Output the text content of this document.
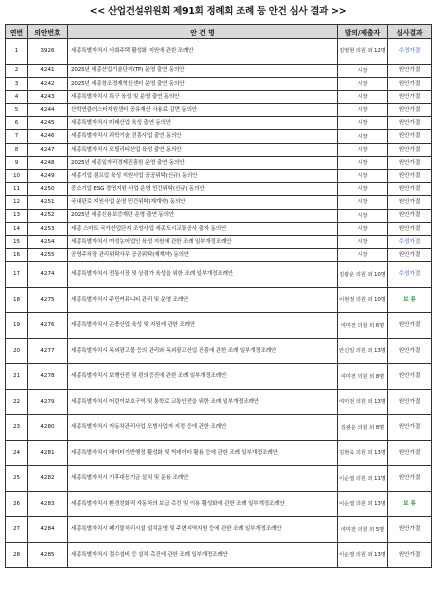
<< 산업건설위원회 제91회 정례회 조례 등 안건 심사 결과 >>
연번	의안번호	안 건 명	발의/제출자	심사결과
1	3926	세종특별자치시 사회주택 활성화 지원에 관한 조례안	김영현 의원 외 12명	수정가결
2	4241	2025년 세종산업기술단지(TP) 운영 출연 동의안	시장	원안가결
3	4242	2025년 세종창조경제혁신센터 운영 출연 동의안	시장	원안가결
4	4243	세종특별자치시 특구 육성 및 운영 출연 동의안	시장	원안가결
5	4244	산학연클러스터지원센터 공유재산 사용료 감면 동의안	시장	원안가결
6	4245	세종특별자치시 미래산업 육성 출연 동의안	시장	원안가결
7	4246	세종특별자치시 과학기술 진흥사업 출연 동의안	시장	원안가결
8	4247	세종특별자치시 모빌리티산업 육성 출연 동의안	시장	원안가결
9	4248	2025년 세종일자리경제진흥원 운영 출연 동의안	시장	원안가결
10	4249	세종기업 점프업 육성 지원사업 공공위탁(신규) 동의안	시장	원안가결
11	4250	중소기업 ESG 경영지원 사업 운영 민간위탁(신규) 동의안	시장	원안가결
12	4251	국내판로 지원사업 운영 민간위탁(재계약) 동의안	시장	원안가결
13	4252	2025년 세종신용보증재단 운영 출연 동의안	시장	원안가결
14	4253	세종 스마트 국가산업단지 조성사업 세종도시교통공사 출자 동의안	시장	원안가결
15	4254	세종특별자치시 여성농어업인 육성 지원에 관한 조례 일부개정조례안	시장	수정가결
16	4255	공영주차장 관리위탁사무 공공위탁(재계약) 동의안	시장	원안가결
17	4274	세종특별자치시 전통시장 및 상점가 육성을 위한 조례 일부개정조례안	김광운 의원 외 10명	수정가결
18	4275	세종특별자치시 주민커뮤니티 관리 및 운영 조례안	이현정 의원 외 10명	보 류
19	4276	세종특별자치시 곤충산업 육성 및 지원에 관한 조례안	여미전 의원 외 6명	원안가결
20	4277	세종특별자치시 옥외광고물 등의 관리와 옥외광고산업 진흥에 관한 조례 일부개정조례안	안신일 의원 외 13명	원안가결
21	4278	세종특별자치시 보행안전 및 편의증진에 관한 조례 일부개정조례안	여미전 의원 외 8명	원안가결
22	4279	세종특별자치시 어린이보호구역 및 통학로 교통안전을 위한 조례 일부개정조례안	여미전 의원 외 13명	원안가결
23	4280	세종특별자치시 자동차관리사업 모범사업자 지정 등에 관한 조례안	김광운 의원 외 8명	원안가결
24	4281	세종특별자치시 데이터기반행정 활성화 및 빅데이터 활용 등에 관한 조례 일부개정조례안	김현옥 의원 외 13명	원안가결
25	4282	세종특별자치시 기후대응기금 설치 및 운용 조례안	이순열 의원 외 11명	원안가결
26	4283	세종특별자치시 환경친화적 자동차의 보급 촉진 및 이용 활성화에 관한 조례 일부개정조례안	이순열 의원 외 13명	보 류
27	4284	세종특별자치시 폐기물처리시설 설치운영 및 주변지역지원 등에 관한 조례 일부개정조례안	여미전 의원 외 5명	원안가결
28	4285	세종특별자치시 절수설비 등 설치 촉진에 관한 조례 일부개정조례안	이순열 의원 외 13명	원안가결
